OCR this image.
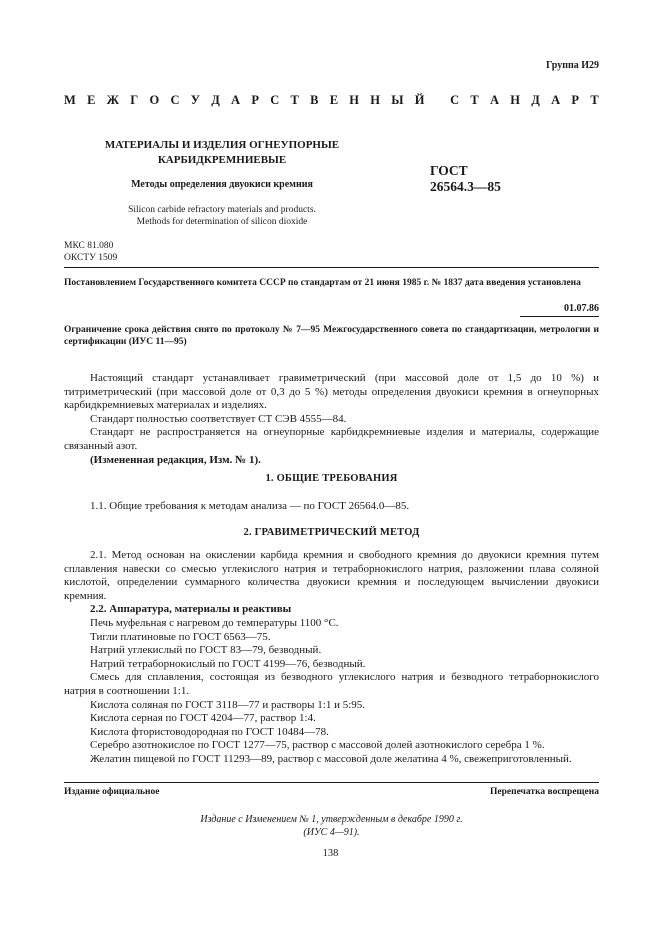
Группа И29
М Е Ж Г О С У Д А Р С Т В Е Н Н Ы Й
С Т А Н Д А Р Т
МАТЕРИАЛЫ И ИЗДЕЛИЯ ОГНЕУПОРНЫЕ
КАРБИДКРЕМНИЕВЫЕ
Методы определения двуокиси кремния
Silicon carbide refractory materials and products.
Methods for determination of silicon dioxide
ГОСТ
26564.3—85
МКС 81.080
ОКСТУ 1509
Постановлением Государственного комитета СССР по стандартам от 21 июня 1985 г. № 1837 дата введения установлена
01.07.86
Ограничение срока действия снято по протоколу № 7—95 Межгосударственного совета по стандартизации, метрологии и сертификации (ИУС 11—95)

Настоящий стандарт устанавливает гравиметрический (при массовой доле от 1,5 до 10 %) и титриметрический (при массовой доле от 0,3 до 5 %) методы определения двуокиси кремния в огнеупорных карбидкремниевых материалах и изделиях.

Стандарт полностью соответствует СТ СЭВ 4555—84.

Стандарт не распространяется на огнеупорные карбидкремниевые изделия и материалы, содержащие связанный азот.

(Измененная редакция, Изм. № 1).

1. ОБЩИЕ ТРЕБОВАНИЯ

1.1. Общие требования к методам анализа — по ГОСТ 26564.0—85.

2. ГРАВИМЕТРИЧЕСКИЙ МЕТОД

2.1. Метод основан на окислении карбида кремния и свободного кремния до двуокиси кремния путем сплавления навески со смесью углекислого натрия и тетраборнокислого натрия, разложении плава соляной кислотой, определении суммарного количества двуокиси кремния и последующем вычислении двуокиси кремния.

2.2. Аппаратура, материалы и реактивы

Печь муфельная с нагревом до температуры 1100 °С.

Тигли платиновые по ГОСТ 6563—75.

Натрий углекислый по ГОСТ 83—79, безводный.

Натрий тетраборнокислый по ГОСТ 4199—76, безводный.

Смесь для сплавления, состоящая из безводного углекислого натрия и безводного тетраборнокислого натрия в соотношении 1:1.

Кислота соляная по ГОСТ 3118—77 и растворы 1:1 и 5:95.

Кислота серная по ГОСТ 4204—77, раствор 1:4.

Кислота фтористоводородная по ГОСТ 10484—78.

Серебро азотнокислое по ГОСТ 1277—75, раствор с массовой долей азотнокислого серебра 1 %.

Желатин пищевой по ГОСТ 11293—89, раствор с массовой доле желатина 4 %, свежеприготовленный.

Издание официальное	Перепечатка воспрещена
Издание с Изменением № 1, утвержденным в декабре 1990 г.
(ИУС 4—91).
138
